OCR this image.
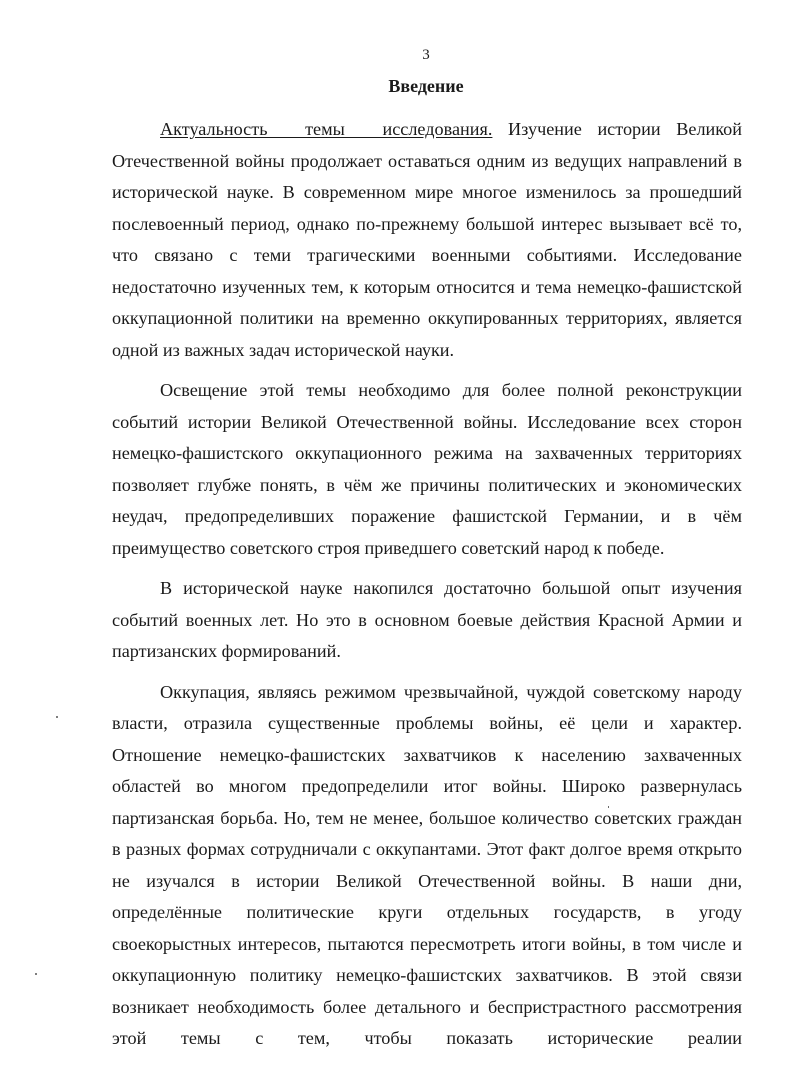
3
Введение

Актуальность темы исследования. Изучение истории Великой Отечественной войны продолжает оставаться одним из ведущих направлений в исторической науке. В современном мире многое изменилось за прошедший послевоенный период, однако по-прежнему большой интерес вызывает всё то, что связано с теми трагическими военными событиями. Исследование недостаточно изученных тем, к которым относится и тема немецко-фашистской оккупационной политики на временно оккупированных территориях, является одной из важных задач исторической науки.

Освещение этой темы необходимо для более полной реконструкции событий истории Великой Отечественной войны. Исследование всех сторон немецко-фашистского оккупационного режима на захваченных территориях позволяет глубже понять, в чём же причины политических и экономических неудач, предопределивших поражение фашистской Германии, и в чём преимущество советского строя приведшего советский народ к победе.

В исторической науке накопился достаточно большой опыт изучения событий военных лет. Но это в основном боевые действия Красной Армии и партизанских формирований.

Оккупация, являясь режимом чрезвычайной, чуждой советскому народу власти, отразила существенные проблемы войны, её цели и характер. Отношение немецко-фашистских захватчиков к населению захваченных областей во многом предопределили итог войны. Широко развернулась партизанская борьба. Но, тем не менее, большое количество советских граждан в разных формах сотрудничали с оккупантами. Этот факт долгое время открыто не изучался в истории Великой Отечественной войны. В наши дни, определённые политические круги отдельных государств, в угоду своекорыстных интересов, пытаются пересмотреть итоги войны, в том числе и оккупационную политику немецко-фашистских захватчиков. В этой связи возникает необходимость более детального и беспристрастного рассмотрения этой темы с тем, чтобы показать исторические реалии
